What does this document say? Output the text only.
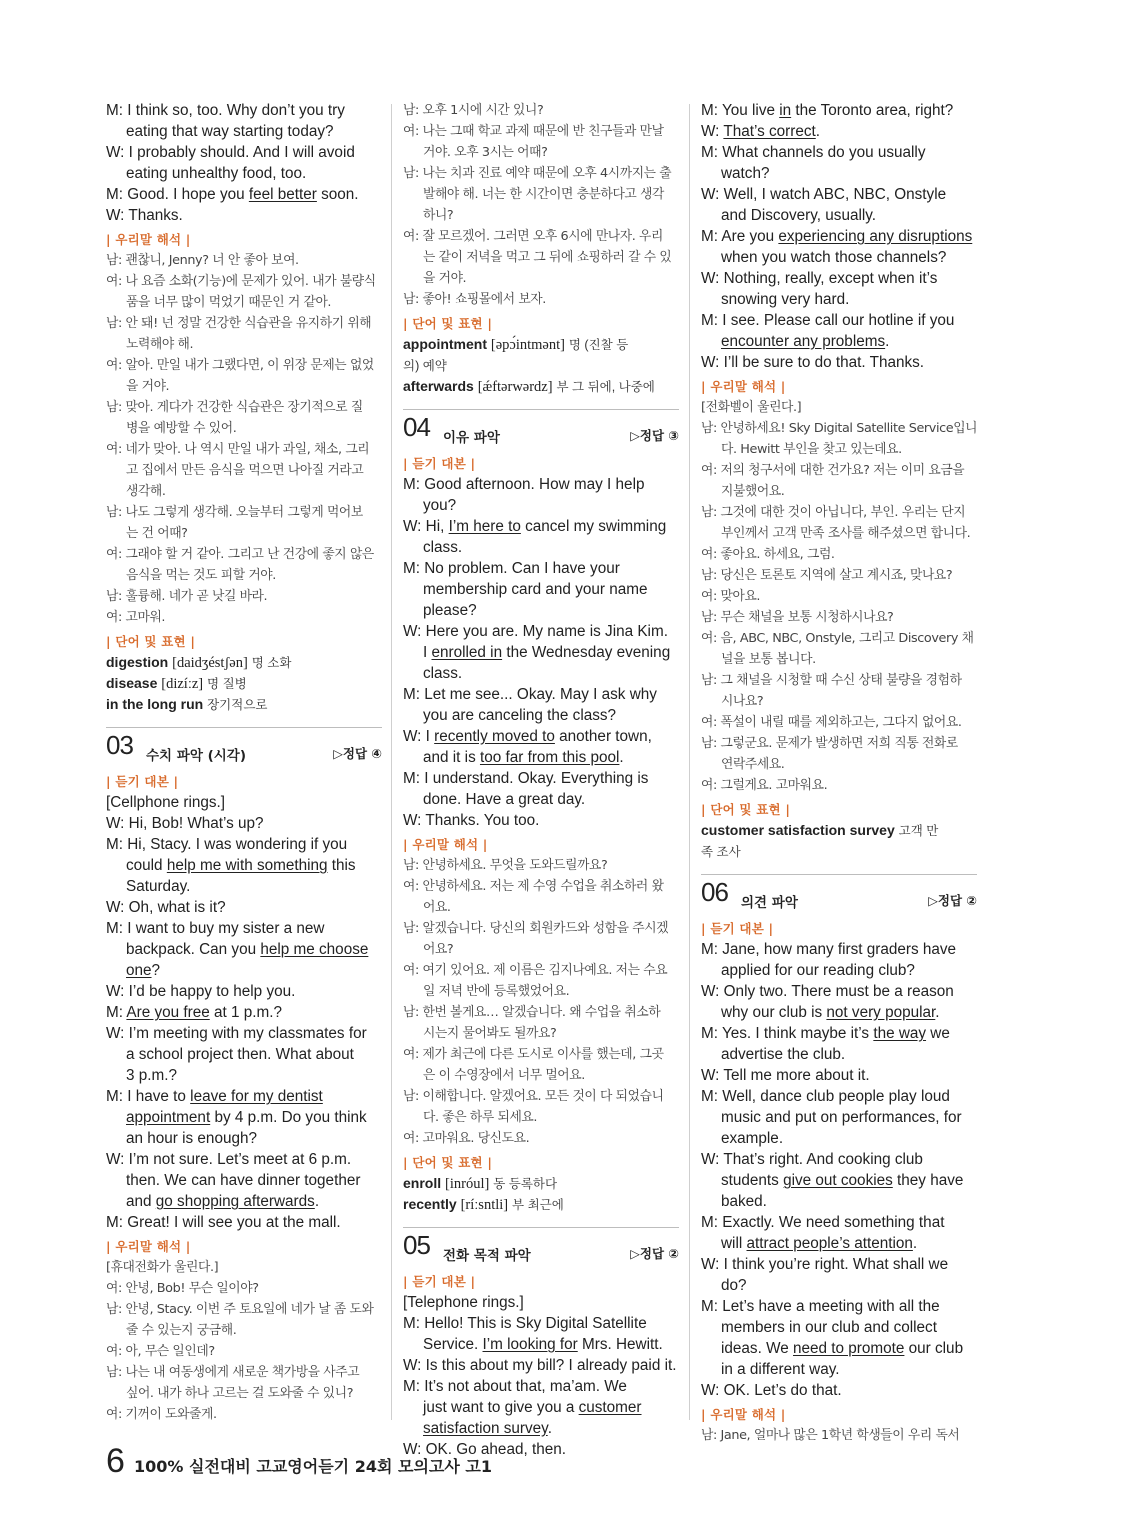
M: I think so, too. Why don’t you try

eating that way starting today?

W: I probably should. And I will avoid

eating unhealthy food, too.

M: Good. I hope you feel better soon.

W: Thanks.

| 우리말 해석 |

남: 괜찮니, Jenny? 너 안 좋아 보여.

여: 나 요즘 소화(기능)에 문제가 있어. 내가 불량식

품을 너무 많이 먹었기 때문인 거 같아.

남: 안 돼! 넌 정말 건강한 식습관을 유지하기 위해

노력해야 해.

여: 알아. 만일 내가 그랬다면, 이 위장 문제는 없었

을 거야.

남: 맞아. 게다가 건강한 식습관은 장기적으로 질

병을 예방할 수 있어.

여: 네가 맞아. 나 역시 만일 내가 과일, 채소, 그리

고 집에서 만든 음식을 먹으면 나아질 거라고

생각해.

남: 나도 그렇게 생각해. 오늘부터 그렇게 먹어보

는 건 어때?

여: 그래야 할 거 같아. 그리고 난 건강에 좋지 않은

음식을 먹는 것도 피할 거야.

남: 훌륭해. 네가 곧 낫길 바라.

여: 고마워.

| 단어 및 표현 |

digestion [daidʒéstʃən] 명 소화

disease [dizíːz] 명 질병

in the long run 장기적으로

03 수치 파악 (시각)	▷정답 ④

| 듣기 대본 |

[Cellphone rings.]

W: Hi, Bob! What’s up?

M: Hi, Stacy. I was wondering if you

could help me with something this

Saturday.

W: Oh, what is it?

M: I want to buy my sister a new

backpack. Can you help me choose

one?

W: I’d be happy to help you.

M: Are you free at 1 p.m.?

W: I’m meeting with my classmates for

a school project then. What about

3 p.m.?

M: I have to leave for my dentist

appointment by 4 p.m. Do you think

an hour is enough?

W: I’m not sure. Let’s meet at 6 p.m.

then. We can have dinner together

and go shopping afterwards.

M: Great! I will see you at the mall.

| 우리말 해석 |

[휴대전화가 울린다.]

여: 안녕, Bob! 무슨 일이야?

남: 안녕, Stacy. 이번 주 토요일에 네가 날 좀 도와

줄 수 있는지 궁금해.

여: 아, 무슨 일인데?

남: 나는 내 여동생에게 새로운 책가방을 사주고

싶어. 내가 하나 고르는 걸 도와줄 수 있니?

여: 기꺼이 도와줄게.

남: 오후 1시에 시간 있니?

여: 나는 그때 학교 과제 때문에 반 친구들과 만날

거야. 오후 3시는 어때?

남: 나는 치과 진료 예약 때문에 오후 4시까지는 출

발해야 해. 너는 한 시간이면 충분하다고 생각

하니?

여: 잘 모르겠어. 그러면 오후 6시에 만나자. 우리

는 같이 저녁을 먹고 그 뒤에 쇼핑하러 갈 수 있

을 거야.

남: 좋아! 쇼핑몰에서 보자.

| 단어 및 표현 |

appointment [əpɔ́intmənt] 명 (진찰 등

의) 예약

afterwards [ǽftərwərdz] 부 그 뒤에, 나중에

04 이유 파악	▷정답 ③

| 듣기 대본 |

M: Good afternoon. How may I help

you?

W: Hi, I’m here to cancel my swimming

class.

M: No problem. Can I have your

membership card and your name

please?

W: Here you are. My name is Jina Kim.

I enrolled in the Wednesday evening

class.

M: Let me see... Okay. May I ask why

you are canceling the class?

W: I recently moved to another town,

and it is too far from this pool.

M: I understand. Okay. Everything is

done. Have a great day.

W: Thanks. You too.

| 우리말 해석 |

남: 안녕하세요. 무엇을 도와드릴까요?

여: 안녕하세요. 저는 제 수영 수업을 취소하러 왔

어요.

남: 알겠습니다. 당신의 회원카드와 성함을 주시겠

어요?

여: 여기 있어요. 제 이름은 김지나예요. 저는 수요

일 저녁 반에 등록했었어요.

남: 한번 볼게요… 알겠습니다. 왜 수업을 취소하

시는지 물어봐도 될까요?

여: 제가 최근에 다른 도시로 이사를 했는데, 그곳

은 이 수영장에서 너무 멀어요.

남: 이해합니다. 알겠어요. 모든 것이 다 되었습니

다. 좋은 하루 되세요.

여: 고마워요. 당신도요.

| 단어 및 표현 |

enroll [inróul] 동 등록하다

recently [ríːsntli] 부 최근에

05 전화 목적 파악	▷정답 ②

| 듣기 대본 |

[Telephone rings.]

M: Hello! This is Sky Digital Satellite

Service. I’m looking for Mrs. Hewitt.

W: Is this about my bill? I already paid it.

M: It’s not about that, ma’am. We

just want to give you a customer

satisfaction survey.

W: OK. Go ahead, then.

M: You live in the Toronto area, right?

W: That’s correct.

M: What channels do you usually

watch?

W: Well, I watch ABC, NBC, Onstyle

and Discovery, usually.

M: Are you experiencing any disruptions

when you watch those channels?

W: Nothing, really, except when it’s

snowing very hard.

M: I see. Please call our hotline if you

encounter any problems.

W: I’ll be sure to do that. Thanks.

| 우리말 해석 |

[전화벨이 울린다.]

남: 안녕하세요! Sky Digital Satellite Service입니

다. Hewitt 부인을 찾고 있는데요.

여: 저의 청구서에 대한 건가요? 저는 이미 요금을

지불했어요.

남: 그것에 대한 것이 아닙니다, 부인. 우리는 단지

부인께서 고객 만족 조사를 해주셨으면 합니다.

여: 좋아요. 하세요, 그럼.

남: 당신은 토론토 지역에 살고 계시죠, 맞나요?

여: 맞아요.

남: 무슨 채널을 보통 시청하시나요?

여: 음, ABC, NBC, Onstyle, 그리고 Discovery 채

널을 보통 봅니다.

남: 그 채널을 시청할 때 수신 상태 불량을 경험하

시나요?

여: 폭설이 내릴 때를 제외하고는, 그다지 없어요.

남: 그렇군요. 문제가 발생하면 저희 직통 전화로

연락주세요.

여: 그럴게요. 고마워요.

| 단어 및 표현 |

customer satisfaction survey 고객 만

족 조사

06 의견 파악	▷정답 ②

| 듣기 대본 |

M: Jane, how many first graders have

applied for our reading club?

W: Only two. There must be a reason

why our club is not very popular.

M: Yes. I think maybe it’s the way we

advertise the club.

W: Tell me more about it.

M: Well, dance club people play loud

music and put on performances, for

example.

W: That’s right. And cooking club

students give out cookies they have

baked.

M: Exactly. We need something that

will attract people’s attention.

W: I think you’re right. What shall we

do?

M: Let’s have a meeting with all the

members in our club and collect

ideas. We need to promote our club

in a different way.

W: OK. Let’s do that.

| 우리말 해석 |

남: Jane, 얼마나 많은 1학년 학생들이 우리 독서

6 100% 실전대비 고교영어듣기 24회 모의고사 고1
